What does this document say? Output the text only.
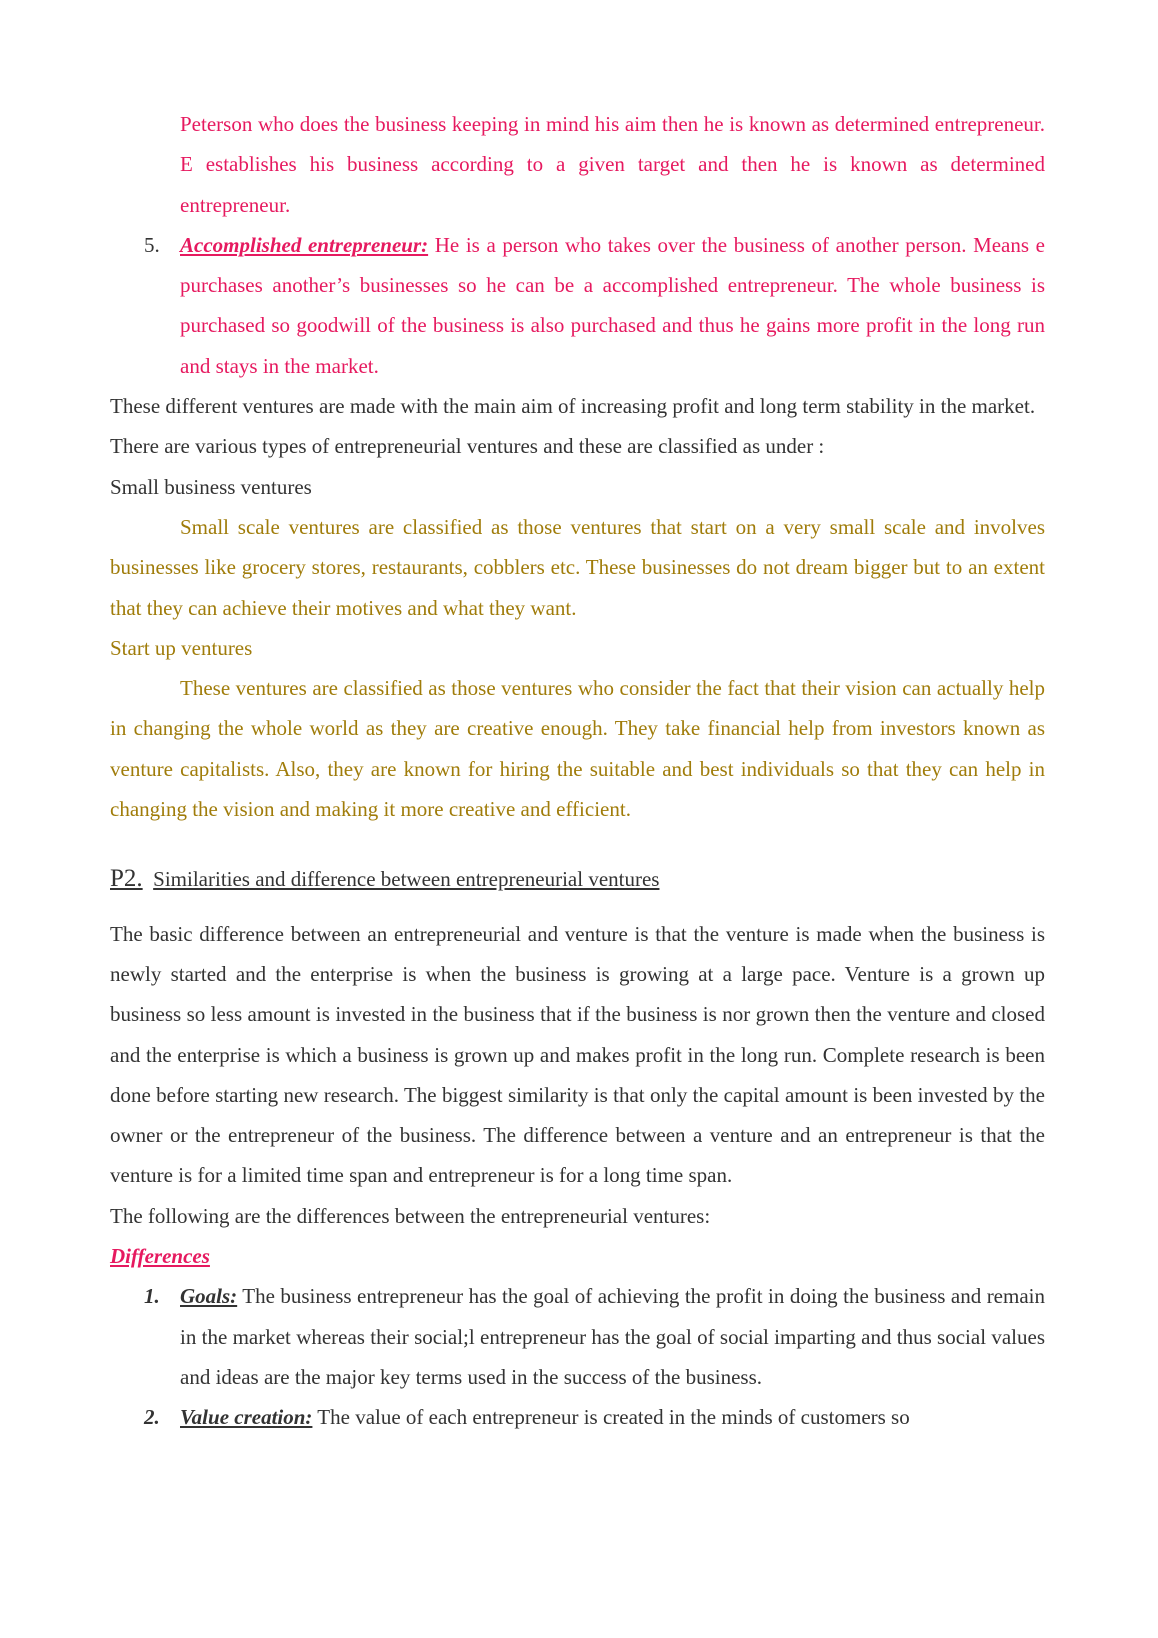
Peterson who does the business keeping in mind his aim then he is known as determined entrepreneur. E establishes his business according to a given target and then he is known as determined entrepreneur.

5. Accomplished entrepreneur: He is a person who takes over the business of another person. Means e purchases another’s businesses so he can be a accomplished entrepreneur. The whole business is purchased so goodwill of the business is also purchased and thus he gains more profit in the long run and stays in the market.

These different ventures are made with the main aim of increasing profit and long term stability in the market.

There are various types of entrepreneurial ventures and these are classified as under :

Small business ventures

Small scale ventures are classified as those ventures that start on a very small scale and involves businesses like grocery stores, restaurants, cobblers etc. These businesses do not dream bigger but to an extent that they can achieve their motives and what they want.

Start up ventures

These ventures are classified as those ventures who consider the fact that their vision can actually help in changing the whole world as they are creative enough. They take financial help from investors known as venture capitalists. Also, they are known for hiring the suitable and best individuals so that they can help in changing the vision and making it more creative and efficient.

P2. Similarities and difference between entrepreneurial ventures

The basic difference between an entrepreneurial and venture is that the venture is made when the business is newly started and the enterprise is when the business is growing at a large pace. Venture is a grown up business so less amount is invested in the business that if the business is nor grown then the venture and closed and the enterprise is which a business is grown up and makes profit in the long run. Complete research is been done before starting new research. The biggest similarity is that only the capital amount is been invested by the owner or the entrepreneur of the business. The difference between a venture and an entrepreneur is that the venture is for a limited time span and entrepreneur is for a long time span.

The following are the differences between the entrepreneurial ventures:

Differences

1. Goals: The business entrepreneur has the goal of achieving the profit in doing the business and remain in the market whereas their social;l entrepreneur has the goal of social imparting and thus social values and ideas are the major key terms used in the success of the business.
2. Value creation: The value of each entrepreneur is created in the minds of customers so
